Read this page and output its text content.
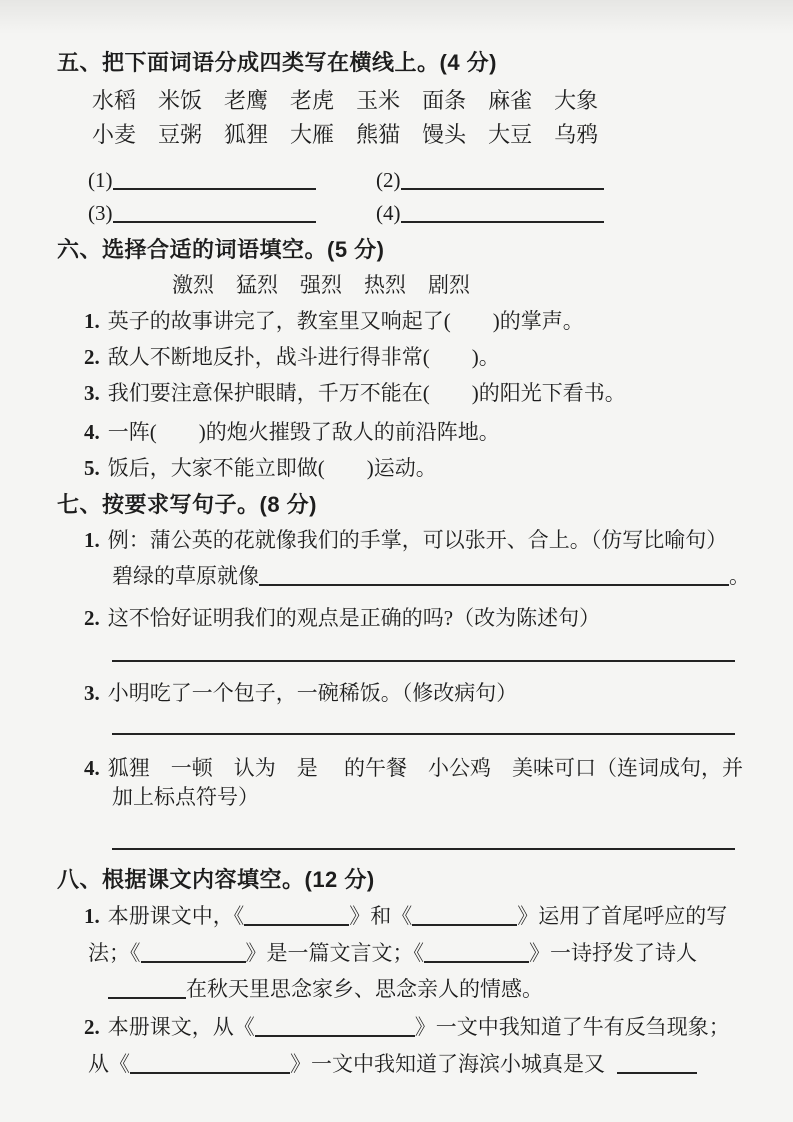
五、把下面词语分成四类写在横线上。(4 分)
水稻 米饭 老鹰 老虎 玉米 面条 麻雀 大象
小麦 豆粥 狐狸 大雁 熊猫 馒头 大豆 乌鸦
(1)	(2)
(3)	(4)
六、选择合适的词语填空。(5 分)
激烈 猛烈 强烈 热烈 剧烈
1. 英子的故事讲完了，教室里又响起了(　　)的掌声。
2. 敌人不断地反扑，战斗进行得非常(　　)。
3. 我们要注意保护眼睛，千万不能在(　　)的阳光下看书。
4. 一阵(　　)的炮火摧毁了敌人的前沿阵地。
5. 饭后，大家不能立即做(　　)运动。
七、按要求写句子。(8 分)
1. 例：蒲公英的花就像我们的手掌，可以张开、合上。（仿写比喻句）
碧绿的草原就像	。
2. 这不恰好证明我们的观点是正确的吗?（改为陈述句）
3. 小明吃了一个包子，一碗稀饭。（修改病句）
4. 狐狸　一顿　认为　是　 的午餐　小公鸡　美味可口（连词成句，并
加上标点符号）
八、根据课文内容填空。(12 分)
1. 本册课文中，《	》和《	》运用了首尾呼应的写
法；《	》是一篇文言文；《	》一诗抒发了诗人
在秋天里思念家乡、思念亲人的情感。
2. 本册课文，从《	》一文中我知道了牛有反刍现象；
从《	》一文中我知道了海滨小城真是又
